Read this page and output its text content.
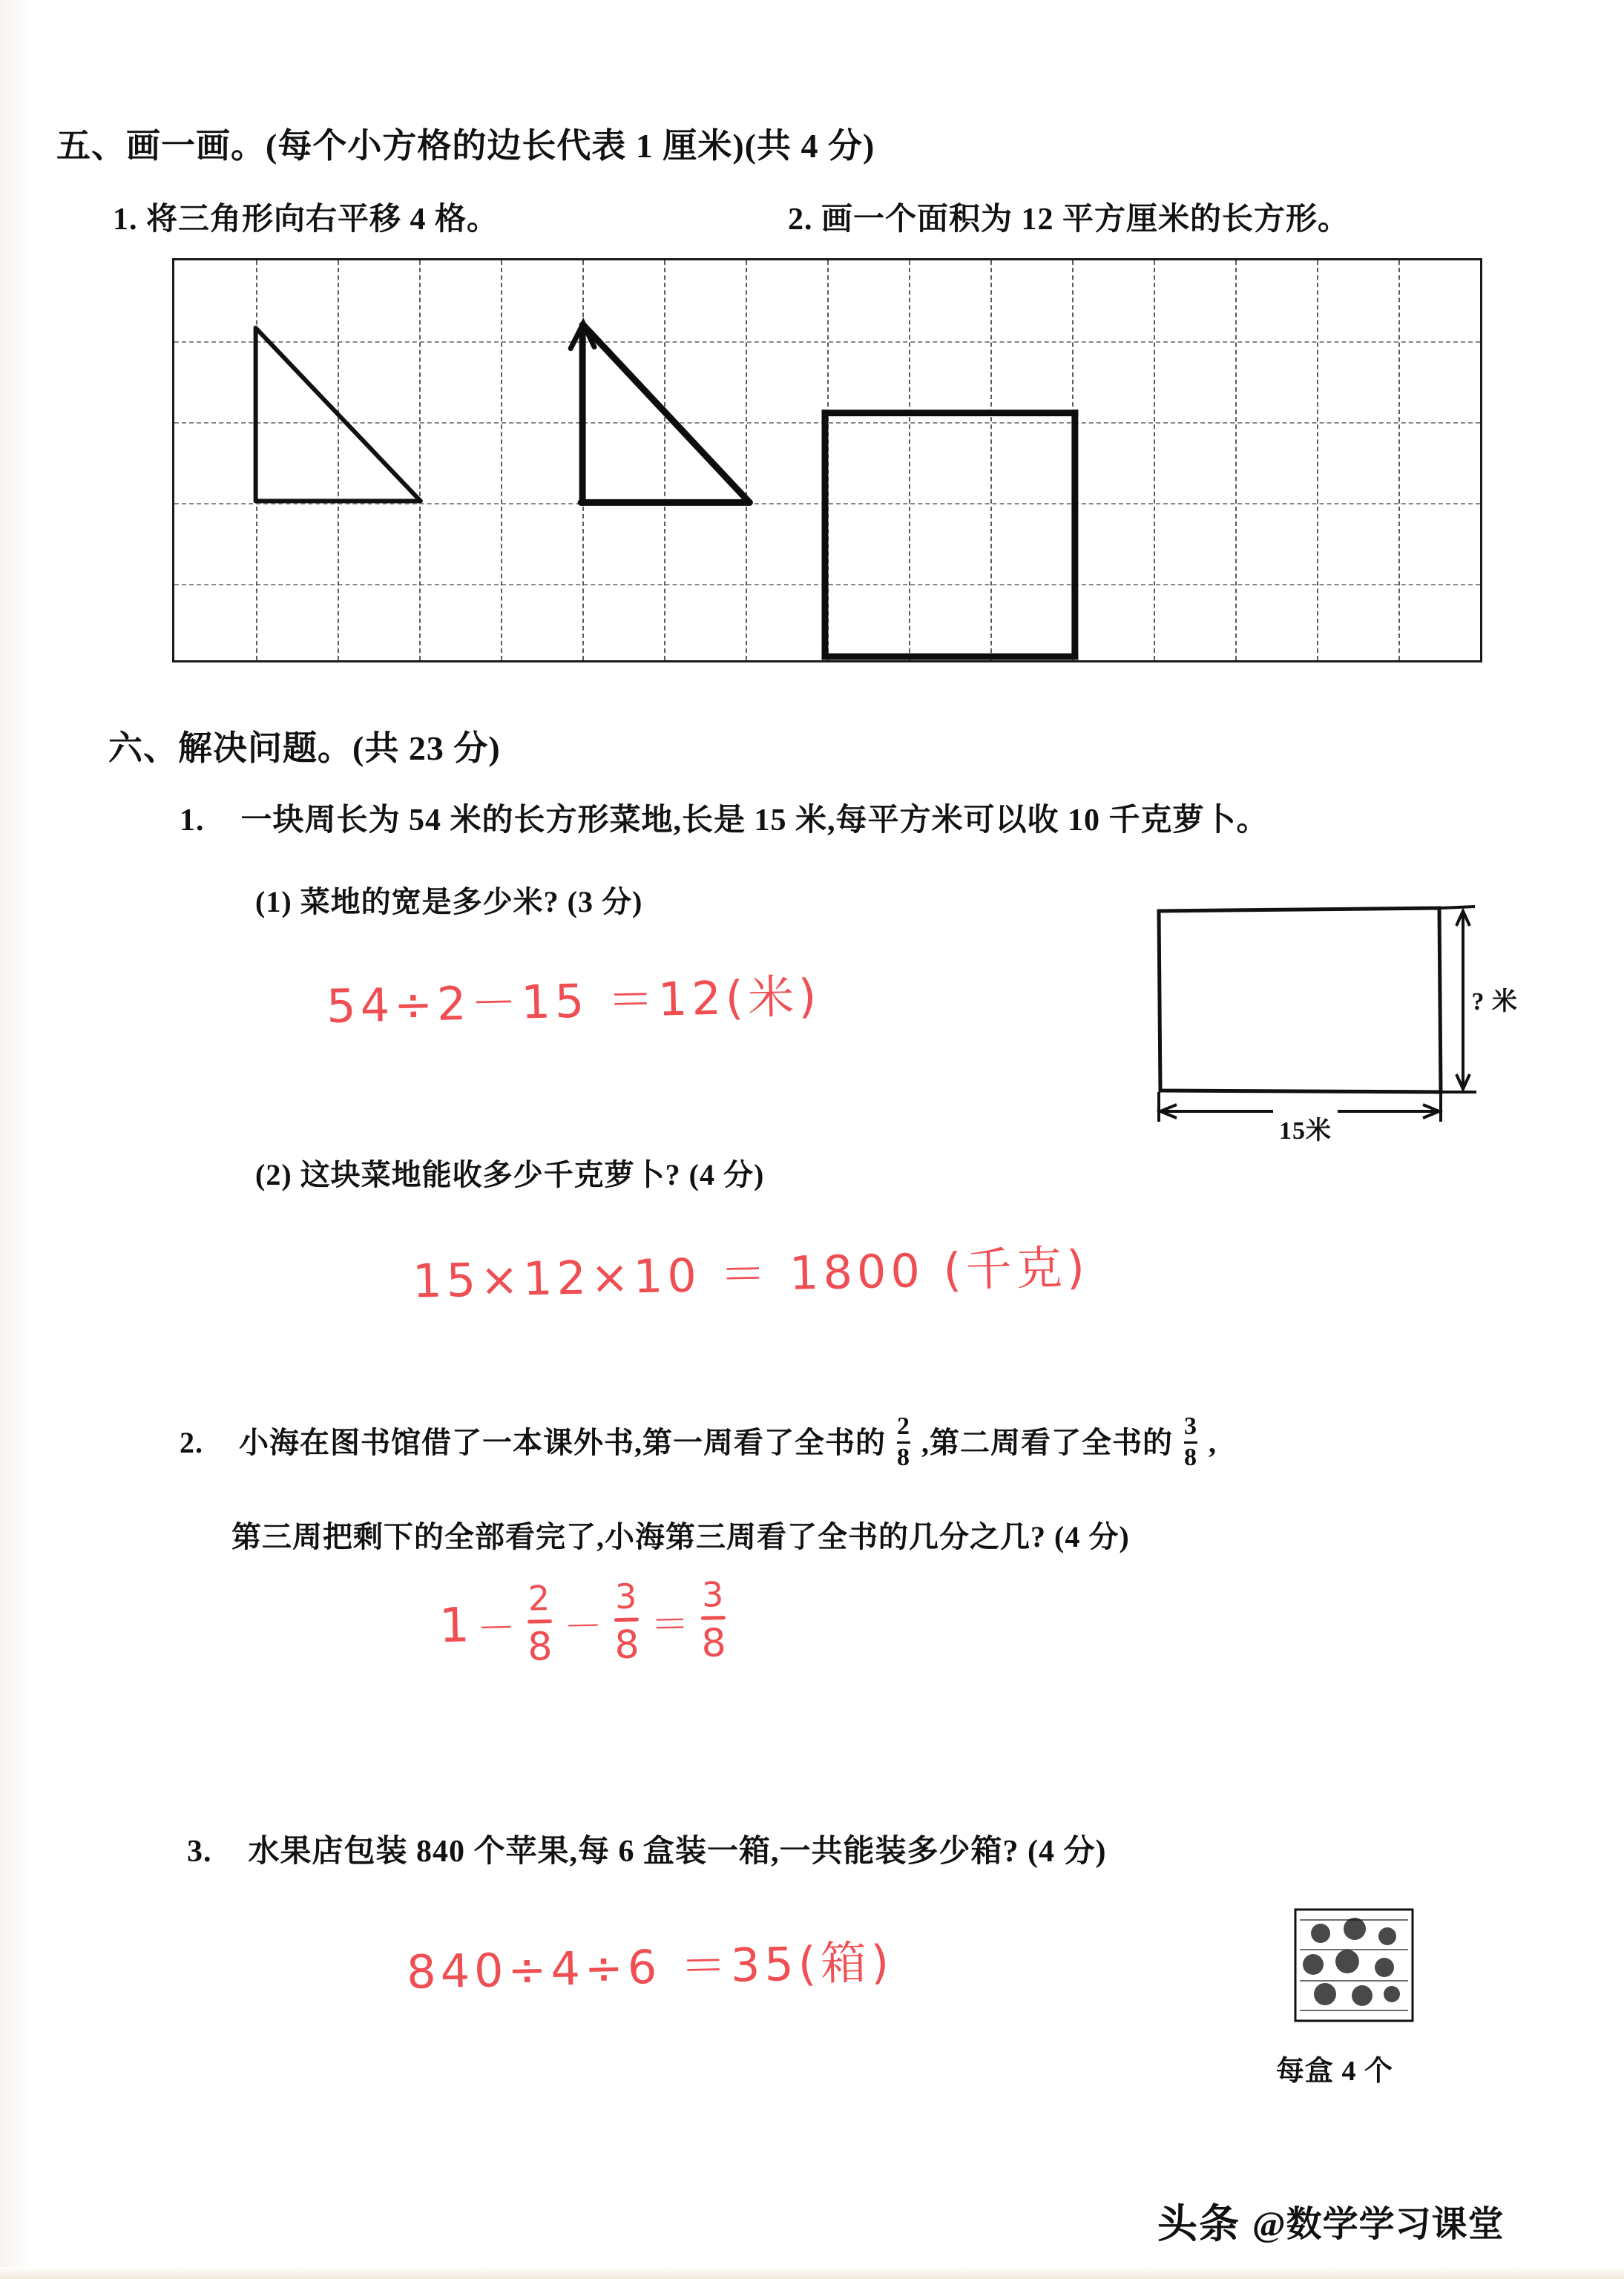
五、画一画。(每个小方格的边长代表 1 厘米)(共 4 分)
1. 将三角形向右平移 4 格。	2. 画一个面积为 12 平方厘米的长方形。
六、解决问题。(共 23 分)
1. 一块周长为 54 米的长方形菜地,长是 15 米,每平方米可以收 10 千克萝卜。
(1) 菜地的宽是多少米? (3 分)
54÷2－15 ＝12(米)	? 米
15米
(2) 这块菜地能收多少千克萝卜? (4 分)
15×12×10 ＝ 1800 (千克)
2. 小海在图书馆借了一本课外书,第一周看了全书的 $\frac{2}{8}$ ,第二周看了全书的 $\frac{3}{8}$ ,
第三周把剩下的全部看完了,小海第三周看了全书的几分之几? (4 分)
1 －
2
8 －
3
8 ＝
3
8
3. 水果店包装 840 个苹果,每 6 盒装一箱,一共能装多少箱? (4 分)
840÷4÷6 ＝35(箱)
每盒 4 个
头条 @数学学习课堂
